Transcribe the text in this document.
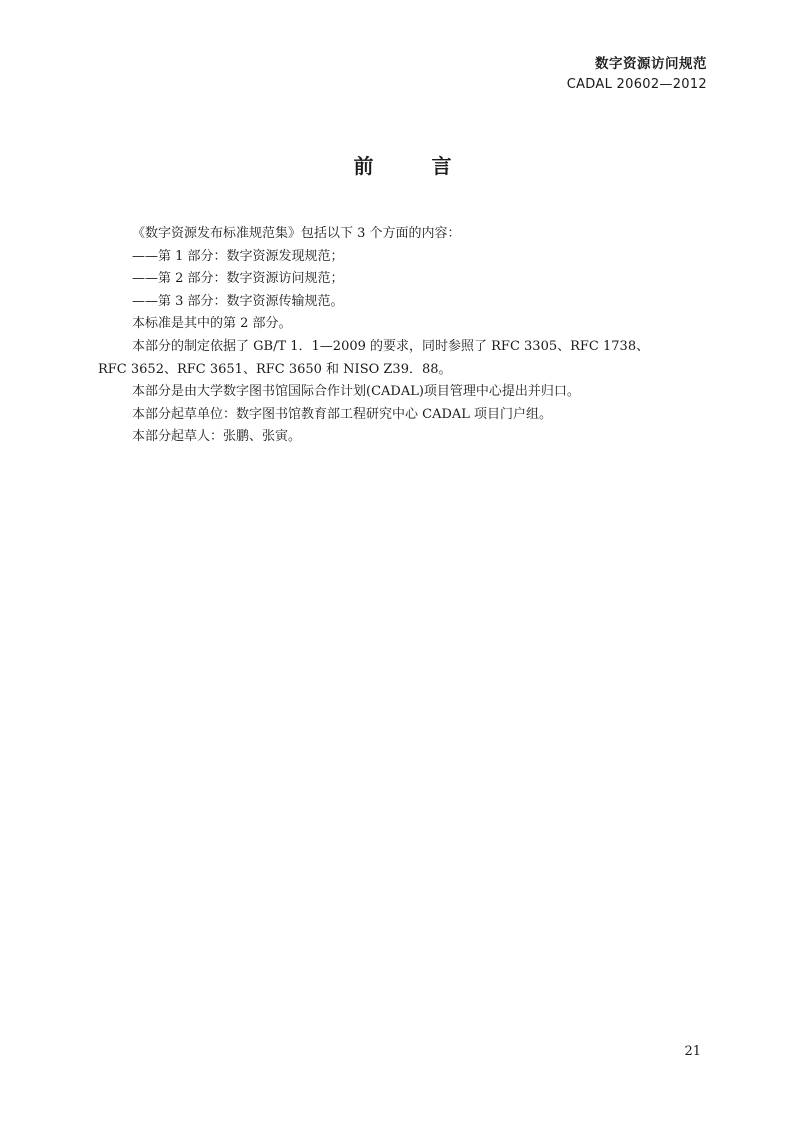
数字资源访问规范
CADAL 20602—2012
前言

《数字资源发布标准规范集》包括以下 3 个方面的内容：

——第 1 部分：数字资源发现规范；

——第 2 部分：数字资源访问规范；

——第 3 部分：数字资源传输规范。

本标准是其中的第 2 部分。

本部分的制定依据了 GB/T 1．1—2009 的要求，同时参照了 RFC 3305、RFC 1738、

RFC 3652、RFC 3651、RFC 3650 和 NISO Z39．88。

本部分是由大学数字图书馆国际合作计划(CADAL)项目管理中心提出并归口。

本部分起草单位：数字图书馆教育部工程研究中心 CADAL 项目门户组。

本部分起草人：张鹏、张寅。

21
